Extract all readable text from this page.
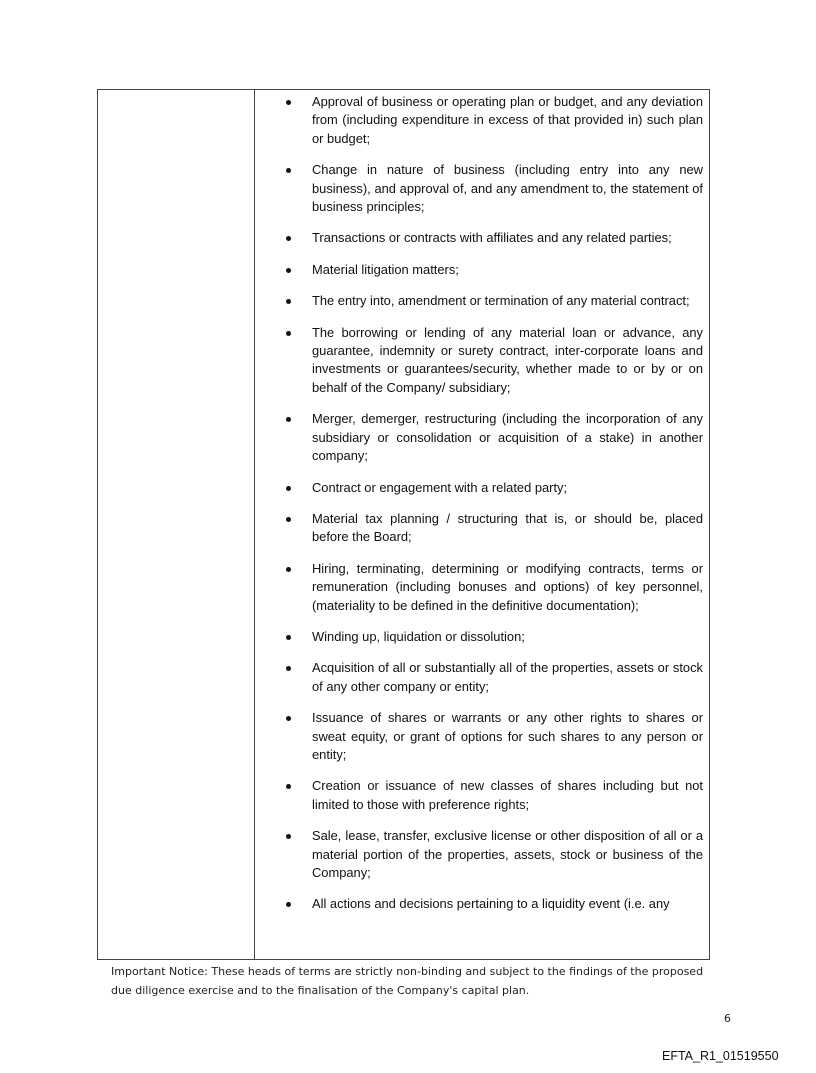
Approval of business or operating plan or budget, and any deviation from (including expenditure in excess of that provided in) such plan or budget;
Change in nature of business (including entry into any new business), and approval of, and any amendment to, the statement of business principles;
Transactions or contracts with affiliates and any related parties;
Material litigation matters;
The entry into, amendment or termination of any material contract;
The borrowing or lending of any material loan or advance, any guarantee, indemnity or surety contract, inter-corporate loans and investments or guarantees/security, whether made to or by or on behalf of the Company/ subsidiary;
Merger, demerger, restructuring (including the incorporation of any subsidiary or consolidation or acquisition of a stake) in another company;
Contract or engagement with a related party;
Material tax planning / structuring that is, or should be, placed before the Board;
Hiring, terminating, determining or modifying contracts, terms or remuneration (including bonuses and options) of key personnel, (materiality to be defined in the definitive documentation);
Winding up, liquidation or dissolution;
Acquisition of all or substantially all of the properties, assets or stock of any other company or entity;
Issuance of shares or warrants or any other rights to shares or sweat equity, or grant of options for such shares to any person or entity;
Creation or issuance of new classes of shares including but not limited to those with preference rights;
Sale, lease, transfer, exclusive license or other disposition of all or a material portion of the properties, assets, stock or business of the Company;
All actions and decisions pertaining to a liquidity event (i.e. any
Important Notice: These heads of terms are strictly non-binding and subject to the findings of the proposed due diligence exercise and to the finalisation of the Company's capital plan.
6
EFTA_R1_01519550
